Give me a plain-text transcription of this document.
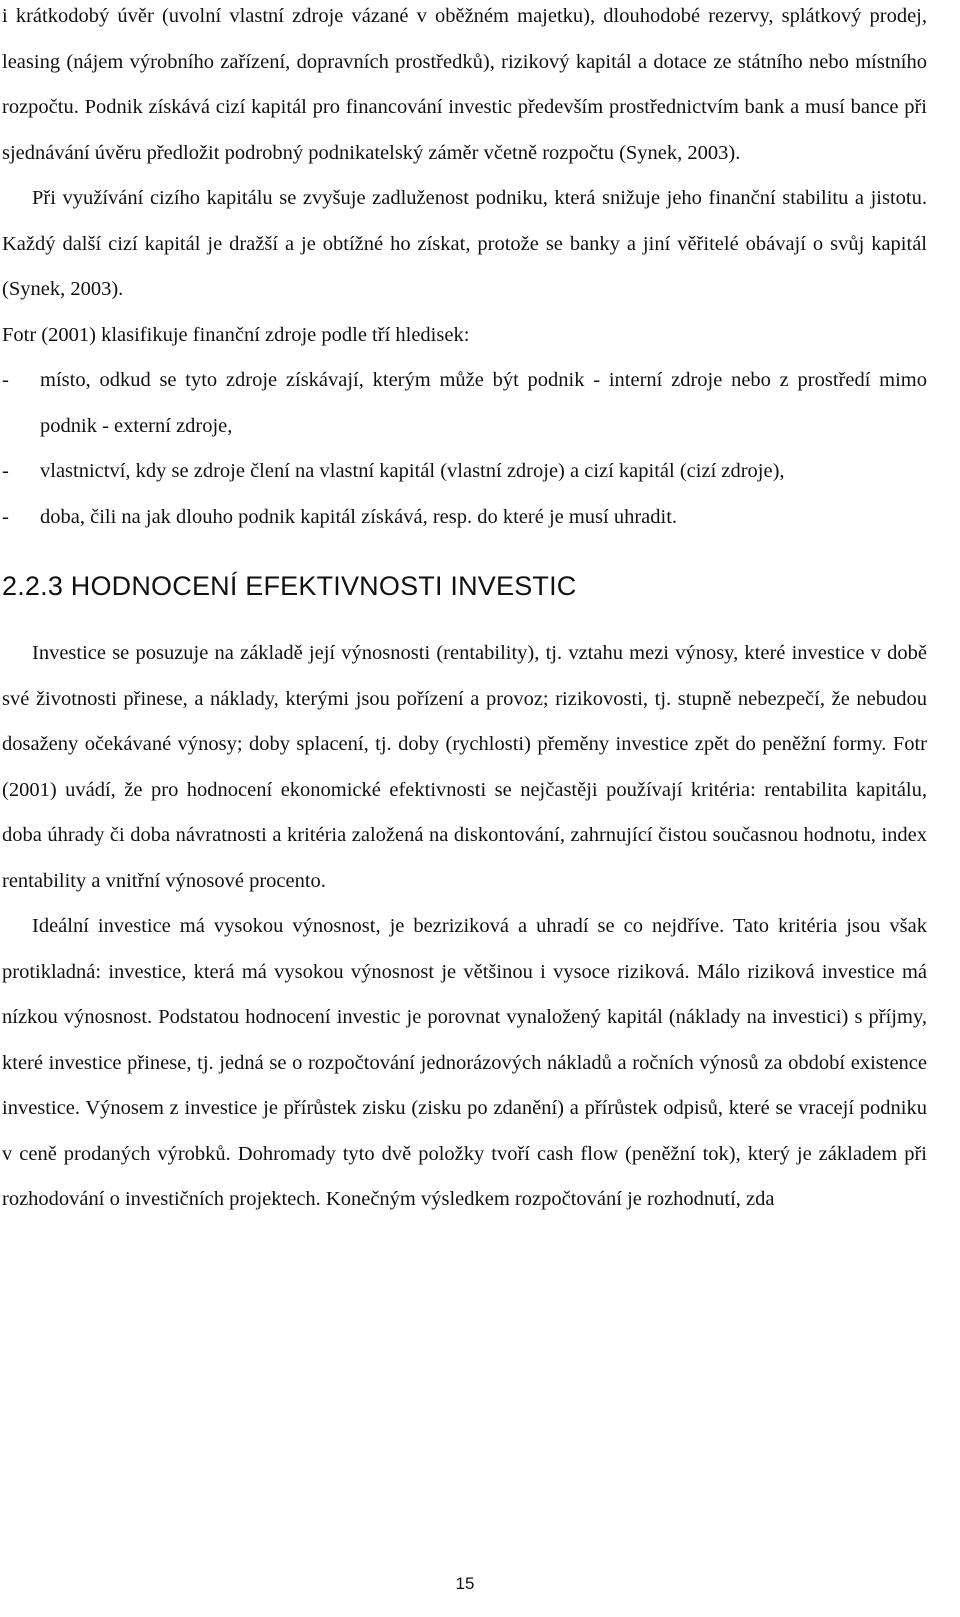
i krátkodobý úvěr (uvolní vlastní zdroje vázané v oběžném majetku), dlouhodobé rezervy, splátkový prodej, leasing (nájem výrobního zařízení, dopravních prostředků), rizikový kapitál a dotace ze státního nebo místního rozpočtu. Podnik získává cizí kapitál pro financování investic především prostřednictvím bank a musí bance při sjednávání úvěru předložit podrobný podnikatelský záměr včetně rozpočtu (Synek, 2003).

Při využívání cizího kapitálu se zvyšuje zadluženost podniku, která snižuje jeho finanční stabilitu a jistotu. Každý další cizí kapitál je dražší a je obtížné ho získat, protože se banky a jiní věřitelé obávají o svůj kapitál (Synek, 2003).

Fotr (2001) klasifikuje finanční zdroje podle tří hledisek:

- místo, odkud se tyto zdroje získávají, kterým může být podnik - interní zdroje nebo z prostředí mimo podnik - externí zdroje,
- vlastnictví, kdy se zdroje člení na vlastní kapitál (vlastní zdroje) a cizí kapitál (cizí zdroje),
- doba, čili na jak dlouho podnik kapitál získává, resp. do které je musí uhradit.
2.2.3 HODNOCENÍ EFEKTIVNOSTI INVESTIC

Investice se posuzuje na základě její výnosnosti (rentability), tj. vztahu mezi výnosy, které investice v době své životnosti přinese, a náklady, kterými jsou pořízení a provoz; rizikovosti, tj. stupně nebezpečí, že nebudou dosaženy očekávané výnosy; doby splacení, tj. doby (rychlosti) přeměny investice zpět do peněžní formy. Fotr (2001) uvádí, že pro hodnocení ekonomické efektivnosti se nejčastěji používají kritéria: rentabilita kapitálu, doba úhrady či doba návratnosti a kritéria založená na diskontování, zahrnující čistou současnou hodnotu, index rentability a vnitřní výnosové procento.

Ideální investice má vysokou výnosnost, je bezriziková a uhradí se co nejdříve. Tato kritéria jsou však protikladná: investice, která má vysokou výnosnost je většinou i vysoce riziková. Málo riziková investice má nízkou výnosnost. Podstatou hodnocení investic je porovnat vynaložený kapitál (náklady na investici) s příjmy, které investice přinese, tj. jedná se o rozpočtování jednorázových nákladů a ročních výnosů za období existence investice. Výnosem z investice je přírůstek zisku (zisku po zdanění) a přírůstek odpisů, které se vracejí podniku v ceně prodaných výrobků. Dohromady tyto dvě položky tvoří cash flow (peněžní tok), který je základem při rozhodování o investičních projektech. Konečným výsledkem rozpočtování je rozhodnutí, zda

15
